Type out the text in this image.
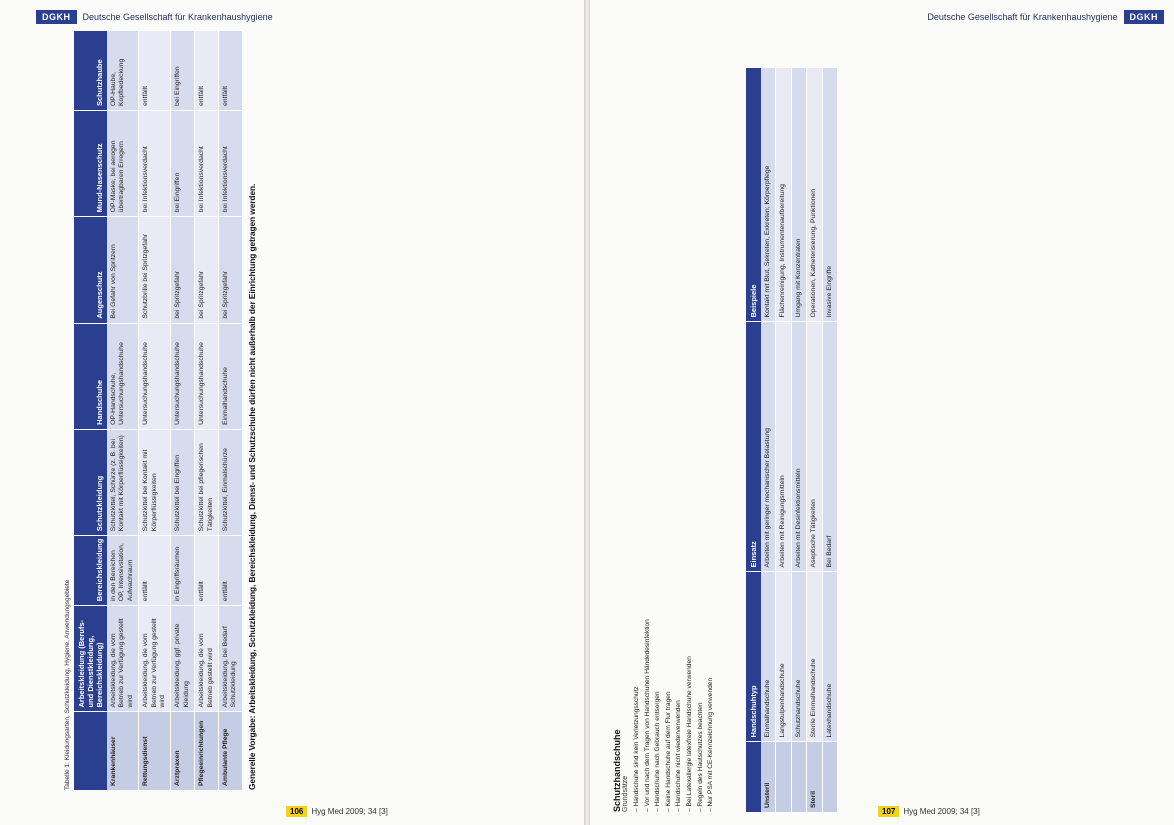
DGKH	Deutsche Gesellschaft für Krankenhaushygiene
Tabelle 1: Kleidungsarten, Schutzkleidung, Hygiene, Anwendungsgebiete
	Arbeitskleidung (Berufs- und Dienstkleidung, Bereichskleidung)	Bereichskleidung	Schutzkleidung	Handschuhe	Augenschutz	Mund-Nasenschutz	Schutzhaube
Krankenhäuser	Arbeitskleidung, die vom Betrieb zur Verfügung gestellt wird	in den Bereichen OP, Intensivstation, Aufwachraum	Schutzkittel, Schürze (z. B. bei Kontakt mit Körperflüssigkeiten)	OP-Handschuhe, Untersuchungshandschuhe	Bei Gefahr von Spritzern	OP-Maske, bei aerogen übertragbaren Erregern	OP-Haube, Kopfbedeckung
Rettungsdienst	Arbeitskleidung, die vom Betrieb zur Verfügung gestellt wird	entfällt	Schutzkittel bei Kontakt mit Körperflüssigkeiten	Untersuchungshandschuhe	Schutzbrille bei Spritzgefahr	bei Infektionsverdacht	entfällt
Arztpraxen	Arbeitskleidung, ggf. private Kleidung	in Eingriffsräumen	Schutzkittel bei Eingriffen	Untersuchungshandschuhe	bei Spritzgefahr	bei Eingriffen	bei Eingriffen
Pflegeeinrichtungen	Arbeitskleidung, die vom Betrieb gestellt wird	entfällt	Schutzkittel bei pflegerischen Tätigkeiten	Untersuchungshandschuhe	bei Spritzgefahr	bei Infektionsverdacht	entfällt
Ambulante Pflege	Arbeitskleidung, bei Bedarf Schutzkleidung	entfällt	Schutzkittel, Einmalschürze	Einmalhandschuhe	bei Spritzgefahr	bei Infektionsverdacht	entfällt
Generelle Vorgabe: Arbeitskleidung, Schutzkleidung, Bereichskleidung, Dienst- und Schutzschuhe dürfen nicht außerhalb der Einrichtung getragen werden.
106	Hyg Med 2009; 34 [3]
Deutsche Gesellschaft für Krankenhaushygiene	DGKH
Schutzhandschuhe Grundsätze – Handschuhe sind kein Verletzungsschutz – Vor und nach dem Tragen von Handschuhen Händedesinfektion – Handschuhe nach Gebrauch entsorgen – Keine Handschuhe auf dem Flur tragen – Handschuhe nicht wiederverwenden – Bei Latexallergie latexfreie Handschuhe verwenden – Regeln des Hautschutzes beachten – Nur PSA mit CE-Kennzeichnung verwenden
		Handschuhtyp	Einsatz	Beispiele
Unsteril	Einmalhandschuhe	Arbeiten mit geringer mechanischer Belastung	Kontakt mit Blut, Sekreten, Exkreten; Körperpflege
	Langstulpenhandschuhe	Arbeiten mit Reinigungsmitteln	Flächenreinigung, Instrumentenaufbereitung
	Schutzhandschuhe	Arbeiten mit Desinfektionsmitteln	Umgang mit Konzentraten
Steril	Sterile Einmalhandschuhe	Aseptische Tätigkeiten	Operationen, Katheterisierung, Punktionen
	Latexhandschuhe	Bei Bedarf	Invasive Eingriffe
107	Hyg Med 2009; 34 [3]
